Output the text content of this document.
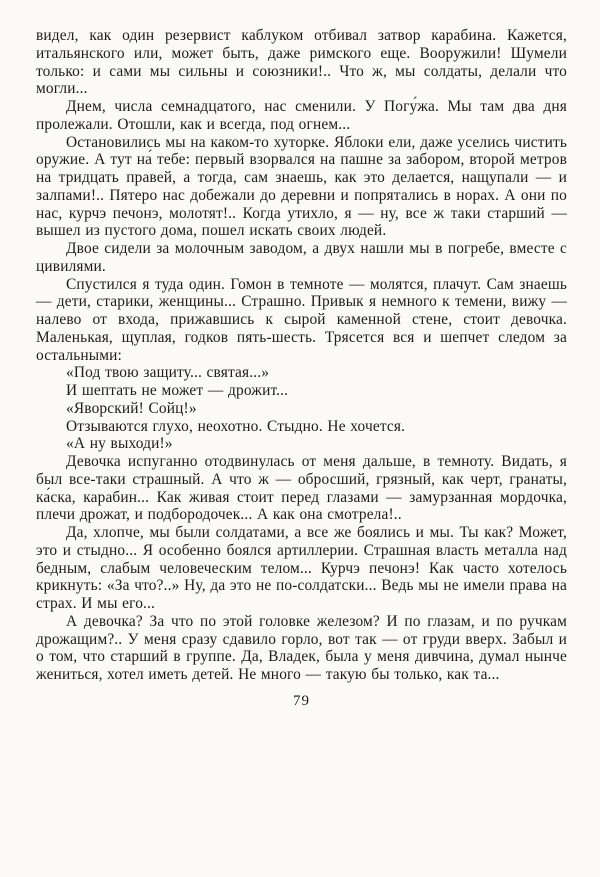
видел, как один резервист каблуком отбивал затвор карабина. Кажется, итальянского или, может быть, даже римского еще. Вооружили! Шумели только: и сами мы сильны и союзники!.. Что ж, мы солдаты, делали что могли...

Днем, числа семнадцатого, нас сменили. У Погу́жа. Мы там два дня пролежали. Отошли, как и всегда, под огнем...

Остановились мы на каком-то хуторке. Яблоки ели, даже уселись чистить оружие. А тут на́ тебе: первый взорвался на пашне за забором, второй метров на тридцать правей, а тогда, сам знаешь, как это делается, нащупали — и залпами!.. Пятеро нас добежали до деревни и попрятались в норах. А они по нас, курчэ печонэ, молотят!.. Когда утихло, я — ну, все ж таки старший — вышел из пустого дома, пошел искать своих людей.

Двое сидели за молочным заводом, а двух нашли мы в погребе, вместе с цивилями.

Спустился я туда один. Гомон в темноте — молятся, плачут. Сам знаешь — дети, старики, женщины... Страшно. Привык я немного к темени, вижу — налево от входа, прижавшись к сырой каменной стене, стоит девочка. Маленькая, щуплая, годков пять-шесть. Трясется вся и шепчет следом за остальными:

«Под твою защиту... святая...»

И шептать не может — дрожит...

«Яворский! Сойц!»

Отзываются глухо, неохотно. Стыдно. Не хочется.

«А ну выходи!»

Девочка испуганно отодвинулась от меня дальше, в темноту. Видать, я был все-таки страшный. А что ж — обросший, грязный, как черт, гранаты, ка́ска, карабин... Как живая стоит перед глазами — замурзанная мордочка, плечи дрожат, и подбородочек... А как она смотрела!..

Да, хлопче, мы были солдатами, а все же боялись и мы. Ты как? Может, это и стыдно... Я особенно боялся артиллерии. Страшная власть металла над бедным, слабым человеческим телом... Курчэ печонэ! Как часто хотелось крикнуть: «За что?..» Ну, да это не по-солдатски... Ведь мы не имели права на страх. И мы его...

А девочка? За что по этой головке железом? И по глазам, и по ручкам дрожащим?.. У меня сразу сдавило горло, вот так — от груди вверх. Забыл и о том, что старший в группе. Да, Владек, была у меня дивчина, думал нынче жениться, хотел иметь детей. Не много — такую бы только, как та...

79
